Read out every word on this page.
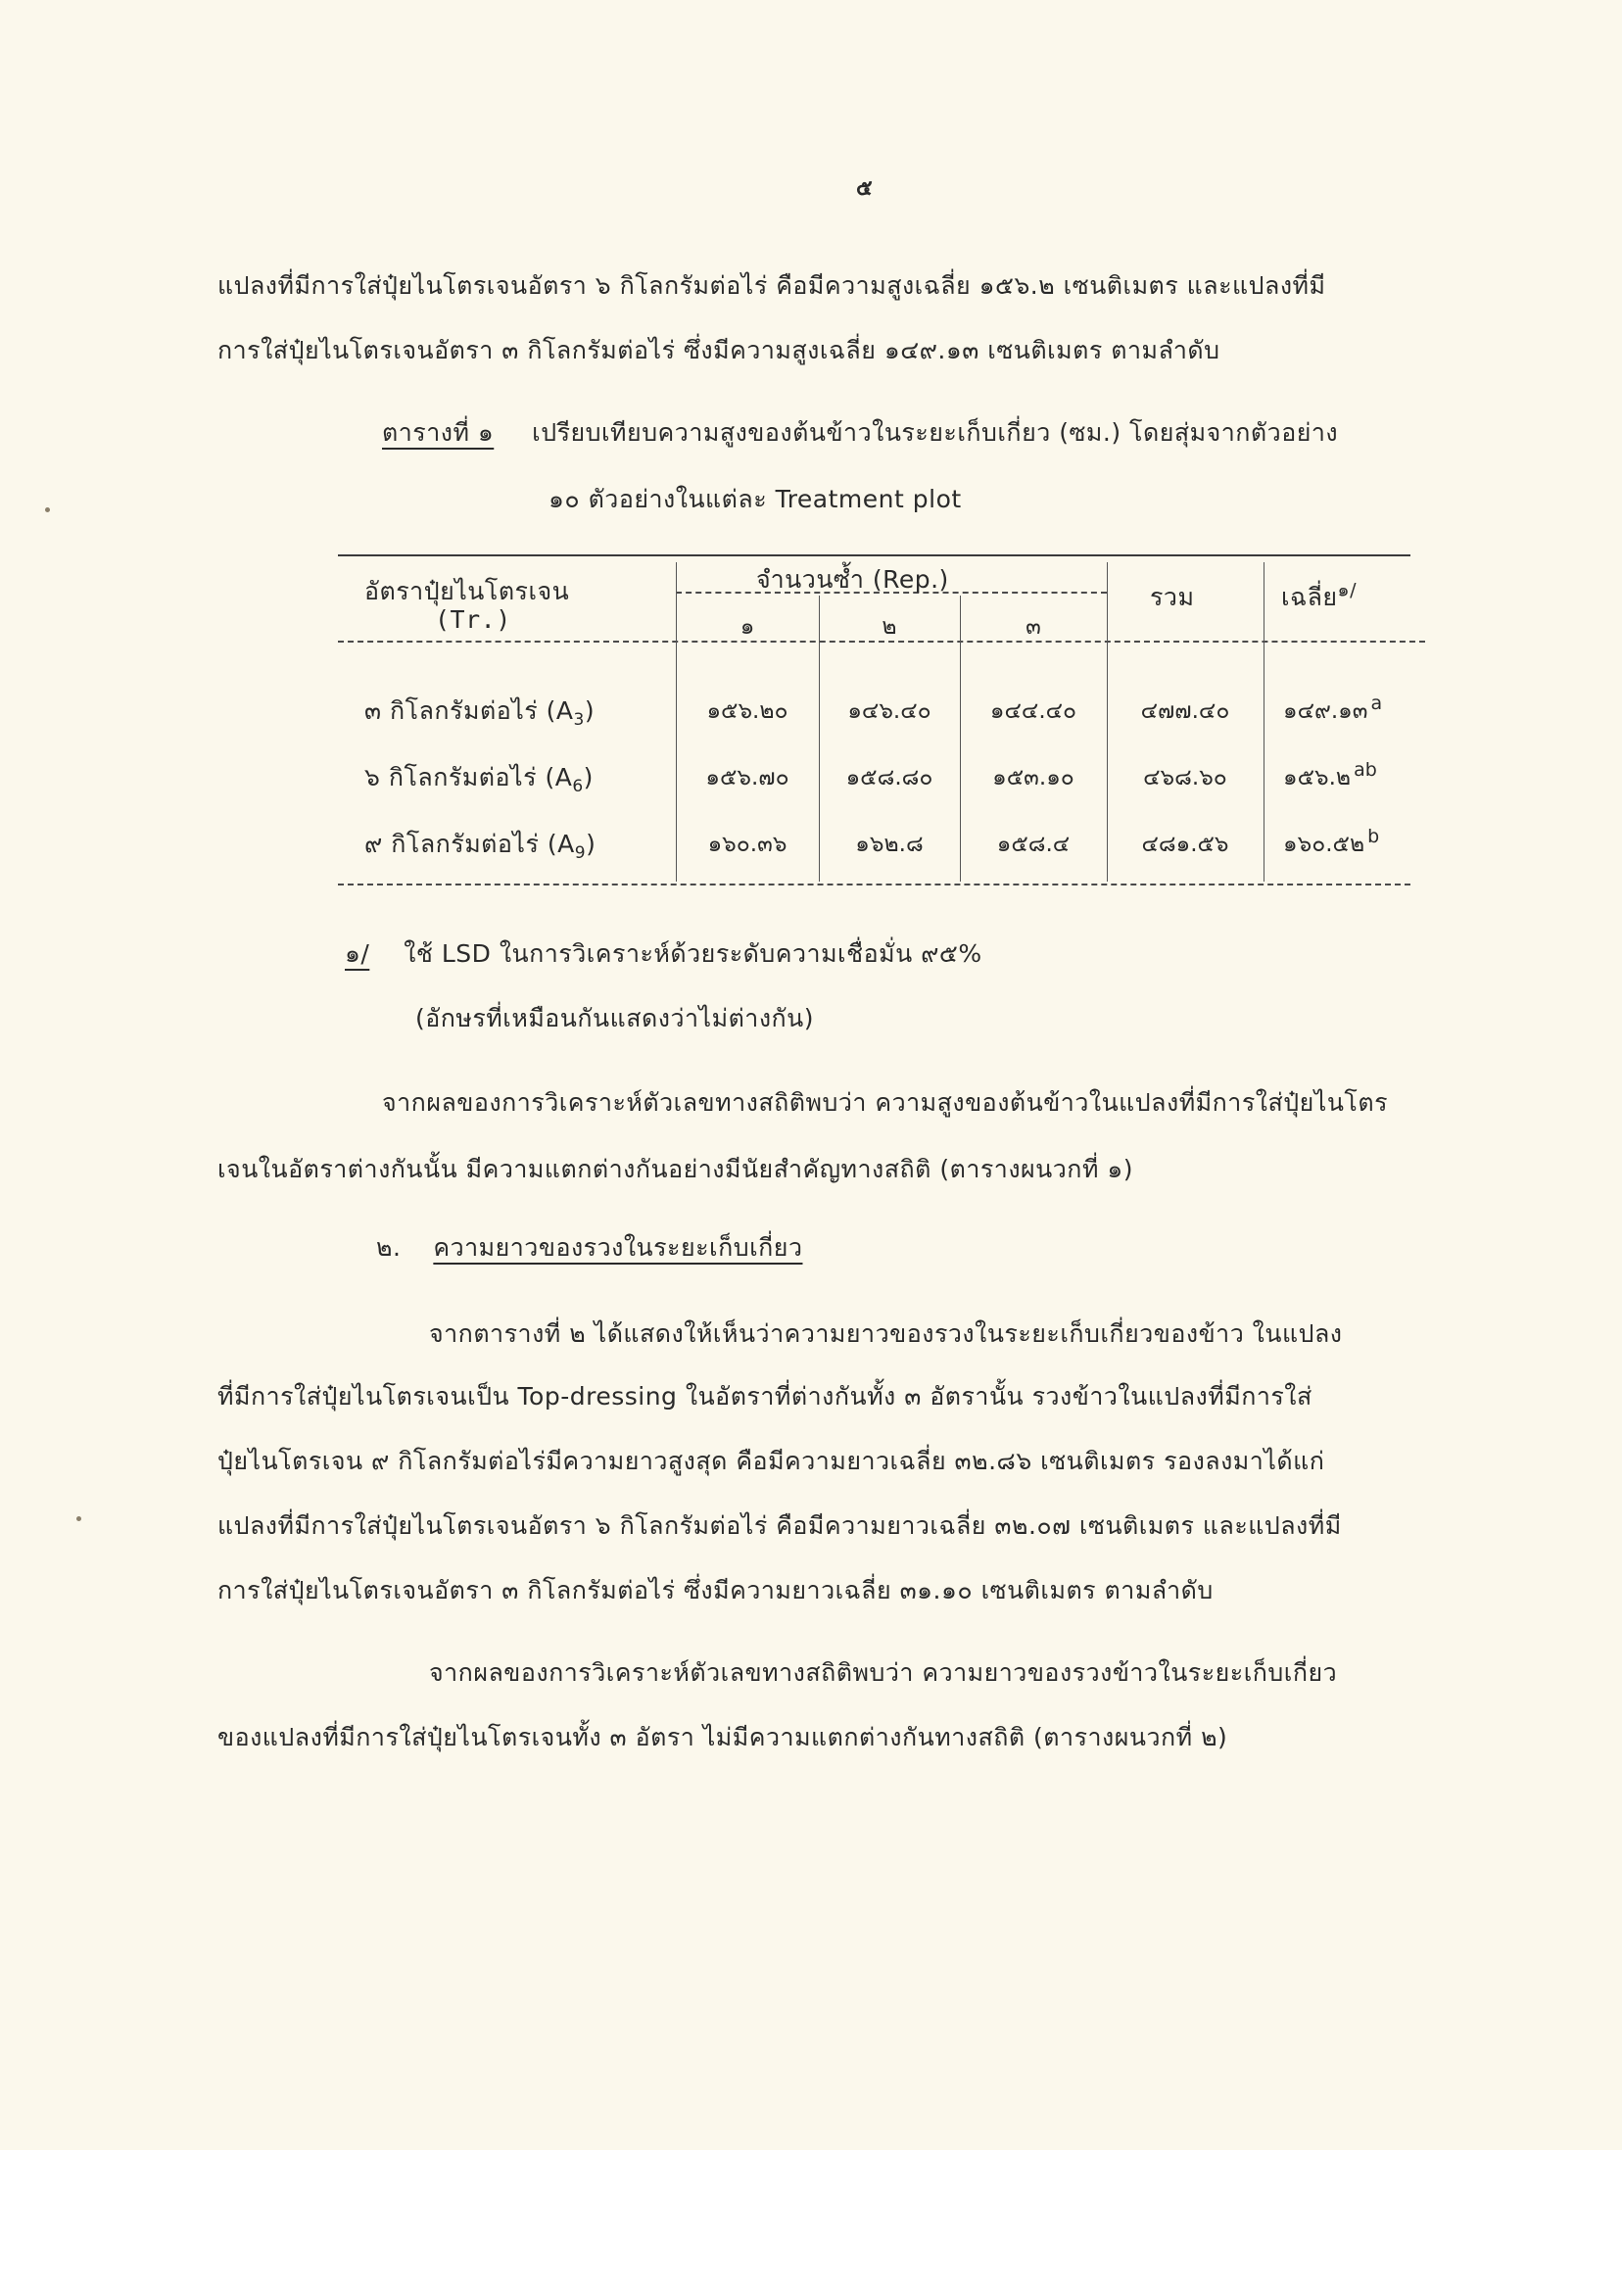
๕
แปลงที่มีการใส่ปุ๋ยไนโตรเจนอัตรา ๖ กิโลกรัมต่อไร่ คือมีความสูงเฉลี่ย ๑๕๖.๒ เซนติเมตร และแปลงที่มี
การใส่ปุ๋ยไนโตรเจนอัตรา ๓ กิโลกรัมต่อไร่ ซึ่งมีความสูงเฉลี่ย ๑๔๙.๑๓ เซนติเมตร ตามลำดับ
ตารางที่ ๑ เปรียบเทียบความสูงของต้นข้าวในระยะเก็บเกี่ยว (ซม.) โดยสุ่มจากตัวอย่าง
๑๐ ตัวอย่างในแต่ละ Treatment plot
อัตราปุ๋ยไนโตรเจน
(Tr.)
จำนวนซ้ำ (Rep.)
๑	๒	๓
รวม	เฉลี่ย$^{๑/}$
๓ กิโลกรัมต่อไร่ $(A_3)$	๑๕๖.๒๐	๑๔๖.๔๐	๑๔๔.๔๐	๔๗๗.๔๐	๑๔๙.๑๓ $^a$
๖ กิโลกรัมต่อไร่ $(A_6)$	๑๕๖.๗๐	๑๕๘.๘๐	๑๕๓.๑๐	๔๖๘.๖๐	๑๕๖.๒ $^{ab}$
๙ กิโลกรัมต่อไร่ $(A_9)$	๑๖๐.๓๖	๑๖๒.๘	๑๕๘.๔	๔๘๑.๕๖	๑๖๐.๕๒ $^b$
๑/ ใช้ LSD ในการวิเคราะห์ด้วยระดับความเชื่อมั่น ๙๕%
(อักษรที่เหมือนกันแสดงว่าไม่ต่างกัน)
จากผลของการวิเคราะห์ตัวเลขทางสถิติพบว่า ความสูงของต้นข้าวในแปลงที่มีการใส่ปุ๋ยไนโตร
เจนในอัตราต่างกันนั้น มีความแตกต่างกันอย่างมีนัยสำคัญทางสถิติ (ตารางผนวกที่ ๑)
๒. ความยาวของรวงในระยะเก็บเกี่ยว
จากตารางที่ ๒ ได้แสดงให้เห็นว่าความยาวของรวงในระยะเก็บเกี่ยวของข้าว ในแปลง
ที่มีการใส่ปุ๋ยไนโตรเจนเป็น Top-dressing ในอัตราที่ต่างกันทั้ง ๓ อัตรานั้น รวงข้าวในแปลงที่มีการใส่
ปุ๋ยไนโตรเจน ๙ กิโลกรัมต่อไร่มีความยาวสูงสุด คือมีความยาวเฉลี่ย ๓๒.๘๖ เซนติเมตร รองลงมาได้แก่
แปลงที่มีการใส่ปุ๋ยไนโตรเจนอัตรา ๖ กิโลกรัมต่อไร่ คือมีความยาวเฉลี่ย ๓๒.๐๗ เซนติเมตร และแปลงที่มี
การใส่ปุ๋ยไนโตรเจนอัตรา ๓ กิโลกรัมต่อไร่ ซึ่งมีความยาวเฉลี่ย ๓๑.๑๐ เซนติเมตร ตามลำดับ
จากผลของการวิเคราะห์ตัวเลขทางสถิติพบว่า ความยาวของรวงข้าวในระยะเก็บเกี่ยว
ของแปลงที่มีการใส่ปุ๋ยไนโตรเจนทั้ง ๓ อัตรา ไม่มีความแตกต่างกันทางสถิติ (ตารางผนวกที่ ๒)
